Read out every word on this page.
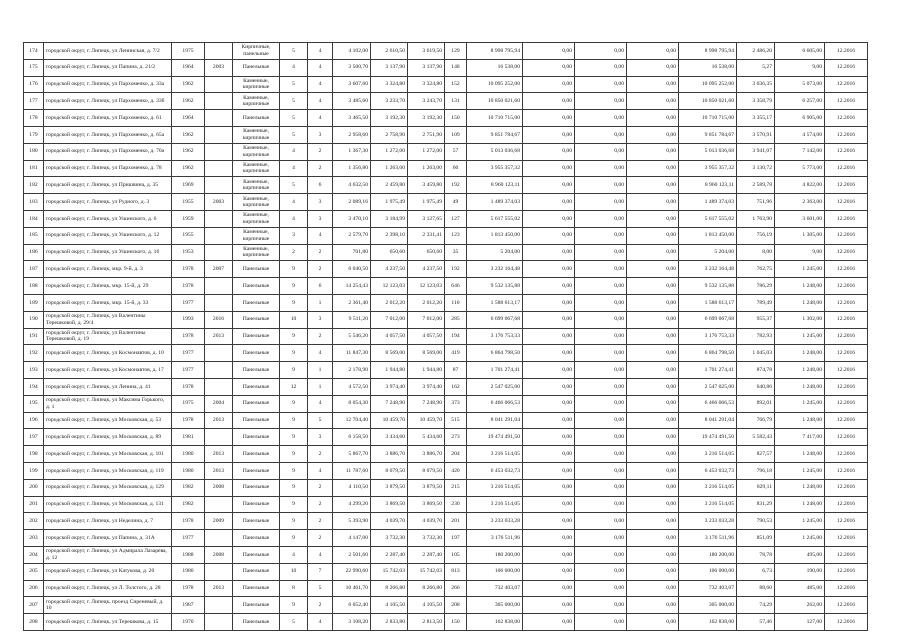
174	городской округ, г. Липецк, ул Ленинская, д. 7/2	1975		Кирпичные, панельные	5	4	4 102,00	2 610,50	3 619,50	129	8 998 795,94	0,00	0,00	0,00	8 998 795,94	2 486,20	6 605,00	12.2016
175	городской округ, г. Липецк, ул Папина, д. 21/2	1964	2003	Панельные	4	4	3 500,70	3 137,90	3 137,90	148	16 538,00	0,00	0,00	0,00	16 538,00	5,27	9,00	12.2016
176	городской округ, г. Липецк, ул Пархоменко, д. 33а	1962		Каменные, кирпичные	5	4	3 607,60	3 324,80	3 324,80	152	10 095 252,00	0,00	0,00	0,00	10 095 252,00	3 036,35	5 073,00	12.2016
177	городской округ, г. Липецк, ул Пархоменко, д. 33б	1962		Каменные, кирпичные	5	4	3 485,60	3 233,70	3 243,70	131	10 850 021,60	0,00	0,00	0,00	10 850 021,60	3 358,79	6 257,00	12.2016
178	городской округ, г. Липецк, ул Пархоменко, д. 61	1964		Панельные	5	4	3 465,50	3 192,30	3 192,30	150	10 710 715,00	0,00	0,00	0,00	10 710 715,00	3 355,17	6 905,00	12.2016
179	городской округ, г. Липецк, ул Пархоменко, д. 65а	1962		Каменные, кирпичные	5	3	2 958,60	2 758,90	2 751,90	109	9 851 784,67	0,00	0,00	0,00	9 851 784,67	3 570,91	4 574,00	12.2016
180	городской округ, г. Липецк, ул Пархоменко, д. 70а	1962		Каменные, кирпичные	4	2	1 367,30	1 272,00	1 272,00	57	5 013 036,68	0,00	0,00	0,00	5 013 036,68	3 941,07	7 142,00	12.2016
181	городской округ, г. Липецк, ул Пархоменко, д. 78	1962		Каменные, кирпичные	4	2	1 356,80	1 263,00	1 263,00	60	3 955 357,32	0,00	0,00	0,00	3 955 357,32	3 130,72	5 773,00	12.2016
182	городской округ, г. Липецк, ул Пришвина, д. 35	1969		Каменные, кирпичные	5	6	4 632,50	2 459,80	3 459,80	192	8 960 123,11	0,00	0,00	0,00	8 960 123,11	2 589,78	4 822,00	12.2016
183	городской округ, г. Липецк, ул Рудного, д. 3	1955	2003	Каменные, кирпичные	4	3	2 089,16	1 975,49	1 975,49	49	1 489 374,03	0,00	0,00	0,00	1 489 374,03	751,96	2 363,00	12.2016
184	городской округ, г. Липецк, ул Ушинского, д. 6	1959		Каменные, кирпичные	4	3	3 470,10	3 184,99	3 127,65	127	5 617 555,02	0,00	0,00	0,00	5 617 555,02	1 763,90	3 601,00	12.2016
185	городской округ, г. Липецк, ул Ушинского, д. 12	1955		Каменные, кирпичные	3	4	2 579,70	2 398,10	2 331,41	123	1 813 450,00	0,00	0,00	0,00	1 813 450,00	756,19	1 305,00	12.2016
186	городской округ, г. Липецк, ул Ушинского, д. 16	1953		Каменные, кирпичные	2	2	701,80	650,60	650,60	35	5 204,00	0,00	0,00	0,00	5 204,00	8,00	9,00	12.2016
187	городской округ, г. Липецк, мкр. 9-й, д. 3	1978	2007	Панельные	9	2	6 040,50	4 237,50	4 237,50	192	3 232 164,48	0,00	0,00	0,00	3 232 164,48	762,75	1 245,00	12.2016
188	городской округ, г. Липецк, мкр. 15-й, д. 29	1978		Панельные	9	6	14 254,43	12 123,03	12 123,03	646	9 532 135,88	0,00	0,00	0,00	9 532 135,88	786,29	1 248,00	12.2016
189	городской округ, г. Липецк, мкр. 15-й, д. 33	1977		Панельные	9	1	2 361,40	2 012,20	2 012,20	110	1 588 613,17	0,00	0,00	0,00	1 588 613,17	789,49	1 248,00	12.2016
190	городской округ, г. Липецк, ул Валентины Терешковой, д. 29/4	1993	2016	Панельные	10	3	9 511,20	7 012,00	7 012,00	285	6 699 067,68	0,00	0,00	0,00	6 699 067,68	955,37	1 302,00	12.2016
191	городской округ, г. Липецк, ул Валентины Терешковой, д. 19	1978	2013	Панельные	9	2	5 546,20	4 057,50	4 057,50	194	3 176 753,33	0,00	0,00	0,00	3 176 753,33	782,93	1 245,00	12.2016
192	городской округ, г. Липецк, ул Космонавтов, д. 10	1977		Панельные	9	4	11 847,30	8 569,00	8 569,00	419	6 864 798,50	0,00	0,00	0,00	6 864 798,50	1 045,03	1 248,00	12.2016
193	городской округ, г. Липецк, ул Космонавтов, д. 17	1977		Панельные	9	1	2 178,90	1 944,80	1 944,80	87	1 701 274,41	0,00	0,00	0,00	1 701 274,41	874,78	1 248,00	12.2016
194	городской округ, г. Липецк, ул Ленина, д. 41	1978		Панельные	12	1	4 572,50	3 974,40	3 974,40	162	2 547 025,00	0,00	0,00	0,00	2 547 025,00	640,86	1 248,00	12.2016
195	городской округ, г. Липецк, ул Максима Горького, д. 1	1975	2004	Панельные	9	4	8 054,30	7 248,90	7 248,90	373	6 466 066,53	0,00	0,00	0,00	6 466 066,53	892,01	1 245,00	12.2016
196	городской округ, г. Липецк, ул Московская, д. 53	1978	2013	Панельные	9	5	12 704,40	10 459,70	10 459,70	515	8 041 291,04	0,00	0,00	0,00	8 041 291,04	766,79	1 248,00	12.2016
197	городской округ, г. Липецк, ул Московская, д. 89	1981		Панельные	9	3	6 158,50	3 434,60	5 434,60	273	19 474 491,50	0,00	0,00	0,00	19 474 491,50	5 582,43	7 417,00	12.2016
198	городской округ, г. Липецк, ул Московская, д. 101	1980	2013	Панельные	9	2	5 867,70	3 886,70	3 886,70	204	3 216 514,05	0,00	0,00	0,00	3 216 514,05	827,57	1 248,00	12.2016
199	городской округ, г. Липецк, ул Московская, д. 119	1980	2013	Панельные	9	4	11 787,60	8 079,50	8 079,50	420	6 453 032,73	0,00	0,00	0,00	6 453 032,73	796,18	1 245,00	12.2016
200	городской округ, г. Липецк, ул Московская, д. 129	1982	2008	Панельные	9	2	4 110,50	3 879,50	3 879,50	215	3 216 514,05	0,00	0,00	0,00	3 216 514,05	829,11	1 248,00	12.2016
201	городской округ, г. Липецк, ул Московская, д. 131	1982		Панельные	9	2	4 299,20	3 869,50	3 869,50	230	3 216 514,05	0,00	0,00	0,00	3 216 514,05	831,29	1 248,00	12.2016
202	городской округ, г. Липецк, ул Неделина, д. 7	1978	2009	Панельные	9	2	5 393,90	4 039,70	4 039,70	201	3 233 033,28	0,00	0,00	0,00	3 233 033,28	790,53	1 245,00	12.2016
203	городской округ, г. Липецк, ул Папина, д. 31А	1977		Панельные	9	2	4 147,00	3 732,30	3 732,30	197	3 176 511,96	0,00	0,00	0,00	3 176 511,96	851,09	1 245,00	12.2016
204	городской округ, г. Липецк, ул Адмирала Лазарева, д. 12	1988	2008	Панельные	4	4	2 501,60	2 287,40	2 287,40	105	180 200,00	0,00	0,00	0,00	180 200,00	78,78	495,00	12.2016
205	городской округ, г. Липецк, ул Катукова, д. 20	1980		Панельные	10	7	22 990,60	15 742,03	15 742,03	813	106 000,00	0,00	0,00	0,00	106 000,00	6,73	190,00	12.2016
206	городской округ, г. Липецк, ул Л. Толстого, д. 28	1978	2013	Панельные	8	5	10 461,70	8 266,80	8 266,80	266	732 403,07	0,00	0,00	0,00	732 403,07	88,60	485,00	12.2016
207	городской округ, г. Липецк, проезд Сиреневый, д. 10	1987		Панельные	9	2	6 052,40	4 105,50	4 105,50	208	305 000,00	0,00	0,00	0,00	305 000,00	74,29	262,00	12.2016
208	городской округ, г. Липецк, ул Терешкова, д. 15	1970		Панельные	5	4	3 108,20	2 833,80	2 813,50	150	162 838,00	0,00	0,00	0,00	162 838,00	57,46	127,00	12.2016
